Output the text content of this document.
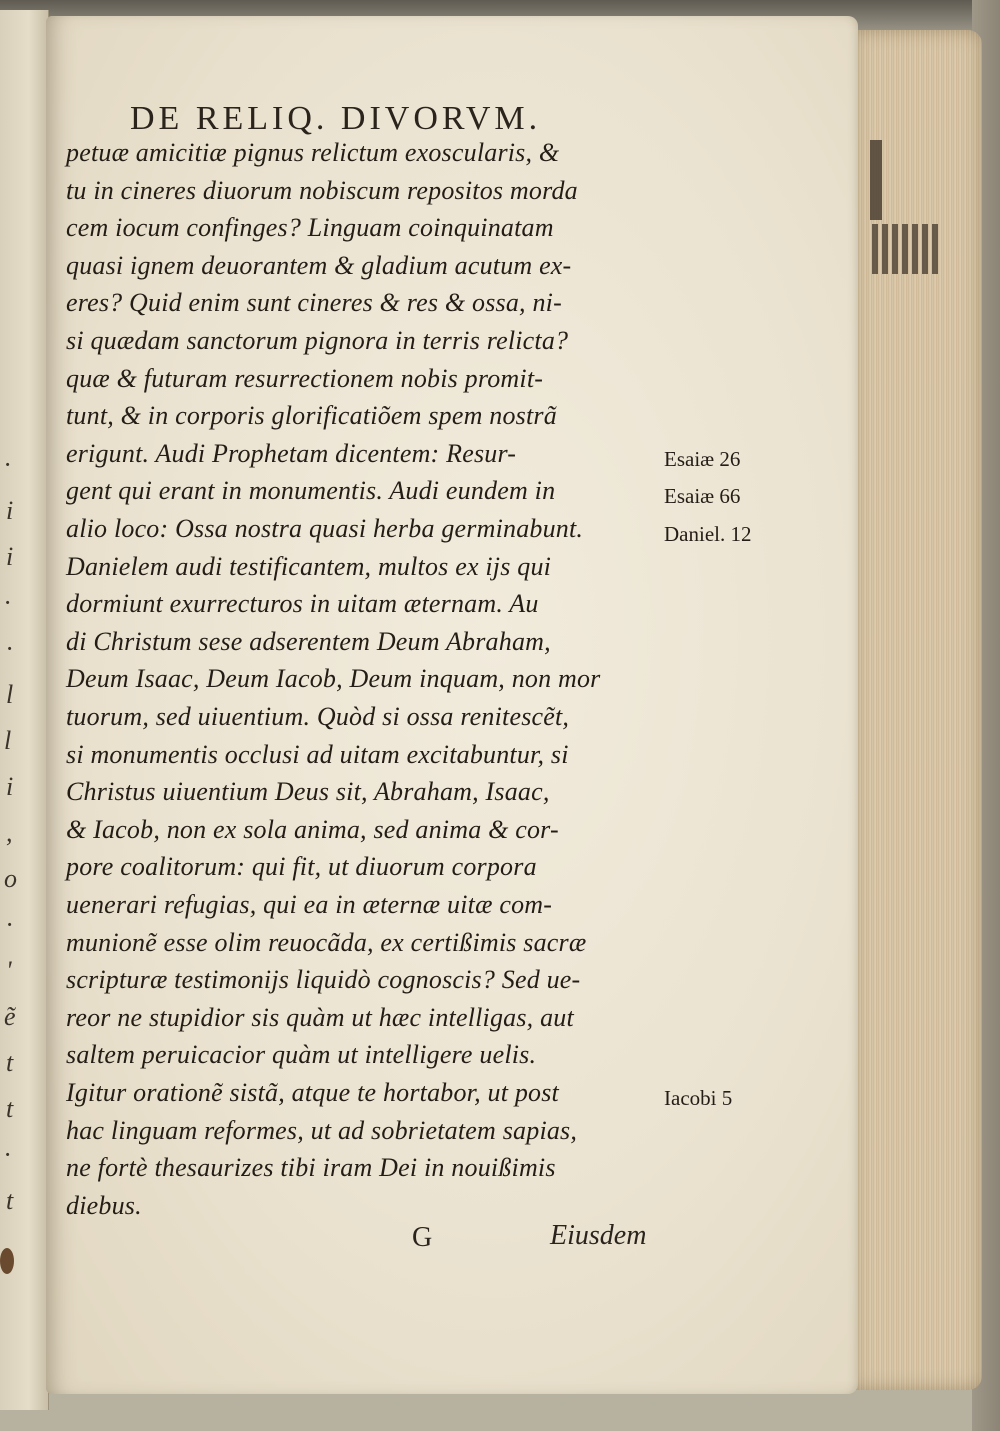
·
i
i
·
·
l
l
i
,
o
·
'
ẽ
t
t
·
t
DE RELIQ. DIVORVM.
petuæ amicitiæ pignus relictum exoscularis, &
tu in cineres diuorum nobiscum repositos morda
cem iocum confinges? Linguam coinquinatam
quasi ignem deuorantem & gladium acutum ex-
eres? Quid enim sunt cineres & res & ossa, ni-
si quædam sanctorum pignora in terris relicta?
quæ & futuram resurrectionem nobis promit-
tunt, & in corporis glorificatiõem spem nostrã
erigunt. Audi Prophetam dicentem: Resur-
gent qui erant in monumentis. Audi eundem in
alio loco: Ossa nostra quasi herba germinabunt.
Danielem audi testificantem, multos ex ijs qui
dormiunt exurrecturos in uitam æternam. Au
di Christum sese adserentem Deum Abraham,
Deum Isaac, Deum Iacob, Deum inquam, non mor
tuorum, sed uiuentium. Quòd si ossa renitescẽt,
si monumentis occlusi ad uitam excitabuntur, si
Christus uiuentium Deus sit, Abraham, Isaac,
& Iacob, non ex sola anima, sed anima & cor-
pore coalitorum: qui fit, ut diuorum corpora
uenerari refugias, qui ea in æternæ uitæ com-
munionẽ esse olim reuocãda, ex certißimis sacræ
scripturæ testimonijs liquidò cognoscis? Sed ue-
reor ne stupidior sis quàm ut hæc intelligas, aut
saltem peruicacior quàm ut intelligere uelis.
Igitur orationẽ sistã, atque te hortabor, ut post
hac linguam reformes, ut ad sobrietatem sapias,
ne fortè thesaurizes tibi iram Dei in nouißimis
diebus.
Esaiæ 26
Esaiæ 66
Daniel. 12
Iacobi 5
G	Eiusdem
